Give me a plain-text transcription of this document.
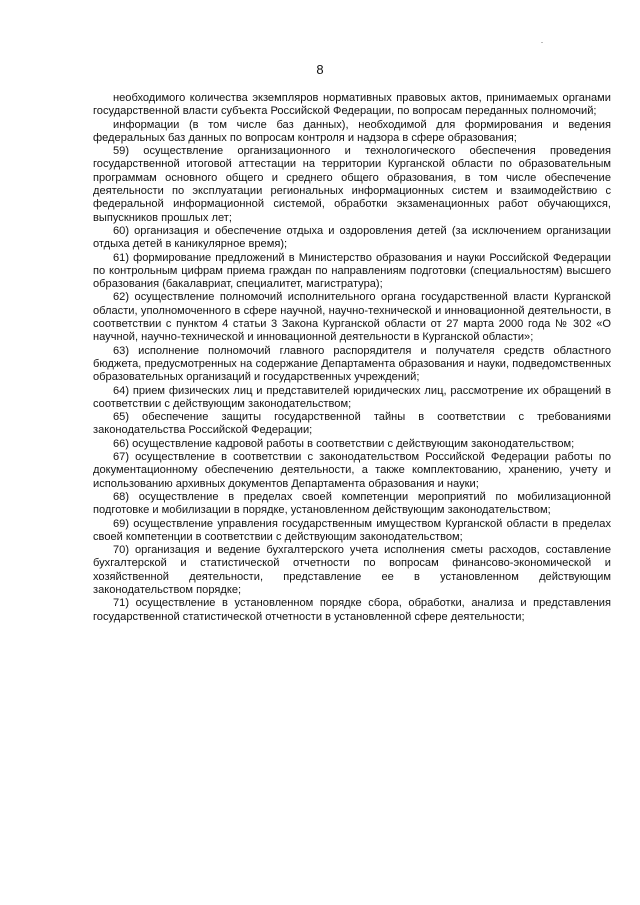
8

необходимого количества экземпляров нормативных правовых актов, принимаемых органами государственной власти субъекта Российской Федерации, по вопросам переданных полномочий;

информации (в том числе баз данных), необходимой для формирования и ведения федеральных баз данных по вопросам контроля и надзора в сфере образования;

59) осуществление организационного и технологического обеспечения проведения государственной итоговой аттестации на территории Курганской области по образовательным программам основного общего и среднего общего образования, в том числе обеспечение деятельности по эксплуатации региональных информационных систем и взаимодействию с федеральной информационной системой, обработки экзаменационных работ обучающихся, выпускников прошлых лет;

60) организация и обеспечение отдыха и оздоровления детей (за исключением организации отдыха детей в каникулярное время);

61) формирование предложений в Министерство образования и науки Российской Федерации по контрольным цифрам приема граждан по направлениям подготовки (специальностям) высшего образования (бакалавриат, специалитет, магистратура);

62) осуществление полномочий исполнительного органа государственной власти Курганской области, уполномоченного в сфере научной, научно-технической и инновационной деятельности, в соответствии с пунктом 4 статьи 3 Закона Курганской области от 27 марта 2000 года № 302 «О научной, научно-технической и инновационной деятельности в Курганской области»;

63) исполнение полномочий главного распорядителя и получателя средств областного бюджета, предусмотренных на содержание Департамента образования и науки, подведомственных образовательных организаций и государственных учреждений;

64) прием физических лиц и представителей юридических лиц, рассмотрение их обращений в соответствии с действующим законодательством;

65) обеспечение защиты государственной тайны в соответствии с требованиями законодательства Российской Федерации;

66) осуществление кадровой работы в соответствии с действующим законодательством;

67) осуществление в соответствии с законодательством Российской Федерации работы по документационному обеспечению деятельности, а также комплектованию, хранению, учету и использованию архивных документов Департамента образования и науки;

68) осуществление в пределах своей компетенции мероприятий по мобилизационной подготовке и мобилизации в порядке, установленном действующим законодательством;

69) осуществление управления государственным имуществом Курганской области в пределах своей компетенции в соответствии с действующим законодательством;

70) организация и ведение бухгалтерского учета исполнения сметы расходов, составление бухгалтерской и статистической отчетности по вопросам финансово-экономической и хозяйственной деятельности, представление ее в установленном действующим законодательством порядке;

71) осуществление в установленном порядке сбора, обработки, анализа и представления государственной статистической отчетности в установленной сфере деятельности;
